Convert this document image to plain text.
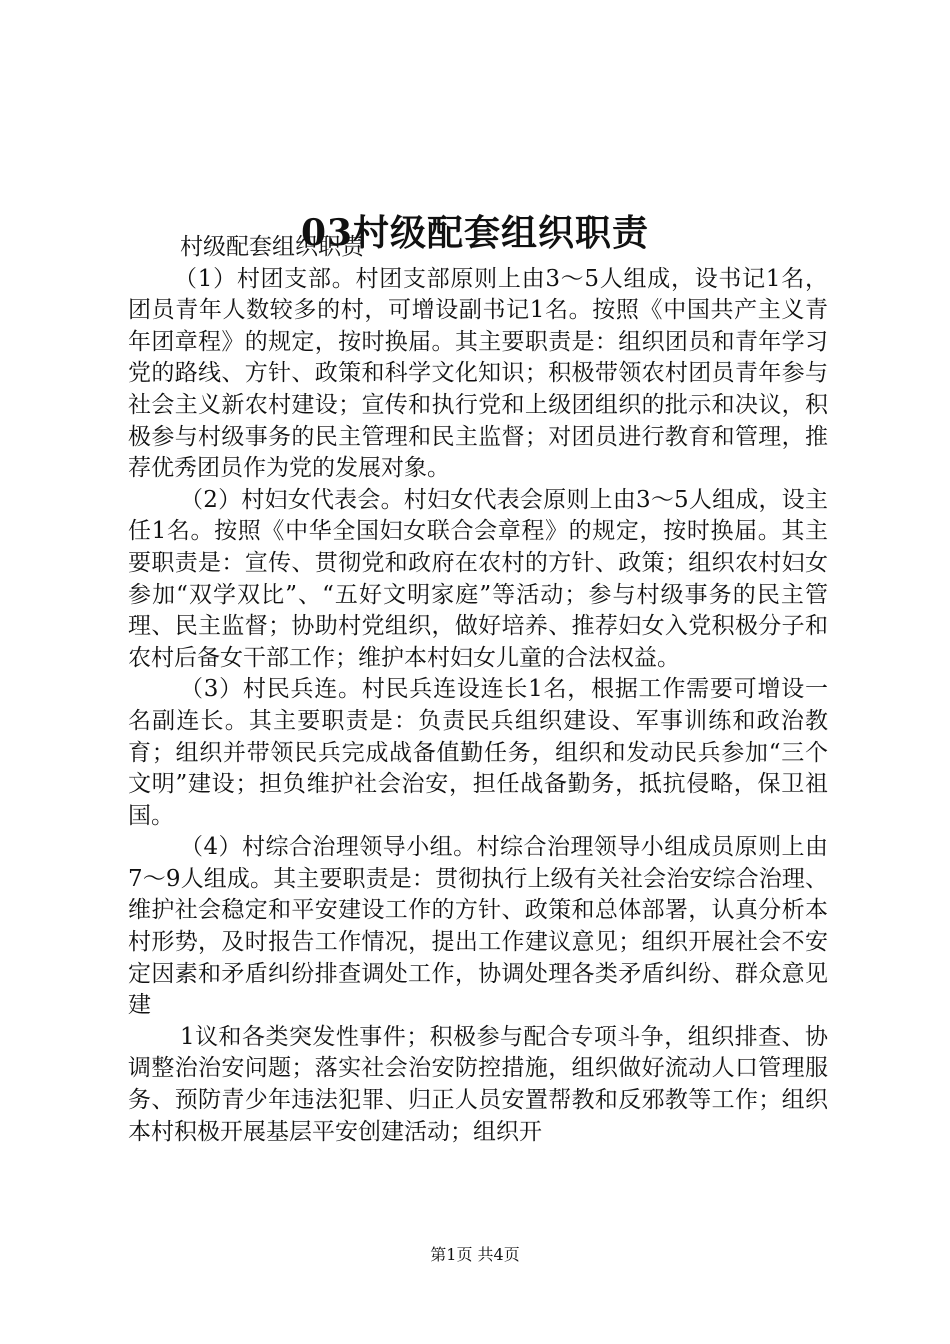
03村级配套组织职责

村级配套组织职责

（1）村团支部。村团支部原则上由3～5人组成，设书记1名，团员青年人数较多的村，可增设副书记1名。按照《中国共产主义青年团章程》的规定，按时换届。其主要职责是：组织团员和青年学习党的路线、方针、政策和科学文化知识；积极带领农村团员青年参与社会主义新农村建设；宣传和执行党和上级团组织的批示和决议，积极参与村级事务的民主管理和民主监督；对团员进行教育和管理，推荐优秀团员作为党的发展对象。

（2）村妇女代表会。村妇女代表会原则上由3～5人组成，设主任1名。按照《中华全国妇女联合会章程》的规定，按时换届。其主要职责是：宣传、贯彻党和政府在农村的方针、政策；组织农村妇女参加“双学双比”、“五好文明家庭”等活动；参与村级事务的民主管理、民主监督；协助村党组织，做好培养、推荐妇女入党积极分子和农村后备女干部工作；维护本村妇女儿童的合法权益。

（3）村民兵连。村民兵连设连长1名，根据工作需要可增设一名副连长。其主要职责是：负责民兵组织建设、军事训练和政治教育；组织并带领民兵完成战备值勤任务，组织和发动民兵参加“三个文明”建设；担负维护社会治安，担任战备勤务，抵抗侵略，保卫祖国。

（4）村综合治理领导小组。村综合治理领导小组成员原则上由7～9人组成。其主要职责是：贯彻执行上级有关社会治安综合治理、维护社会稳定和平安建设工作的方针、政策和总体部署，认真分析本村形势，及时报告工作情况，提出工作建议意见；组织开展社会不安定因素和矛盾纠纷排查调处工作，协调处理各类矛盾纠纷、群众意见建

1议和各类突发性事件；积极参与配合专项斗争，组织排查、协调整治治安问题；落实社会治安防控措施，组织做好流动人口管理服务、预防青少年违法犯罪、归正人员安置帮教和反邪教等工作；组织本村积极开展基层平安创建活动；组织开

第1页 共4页
